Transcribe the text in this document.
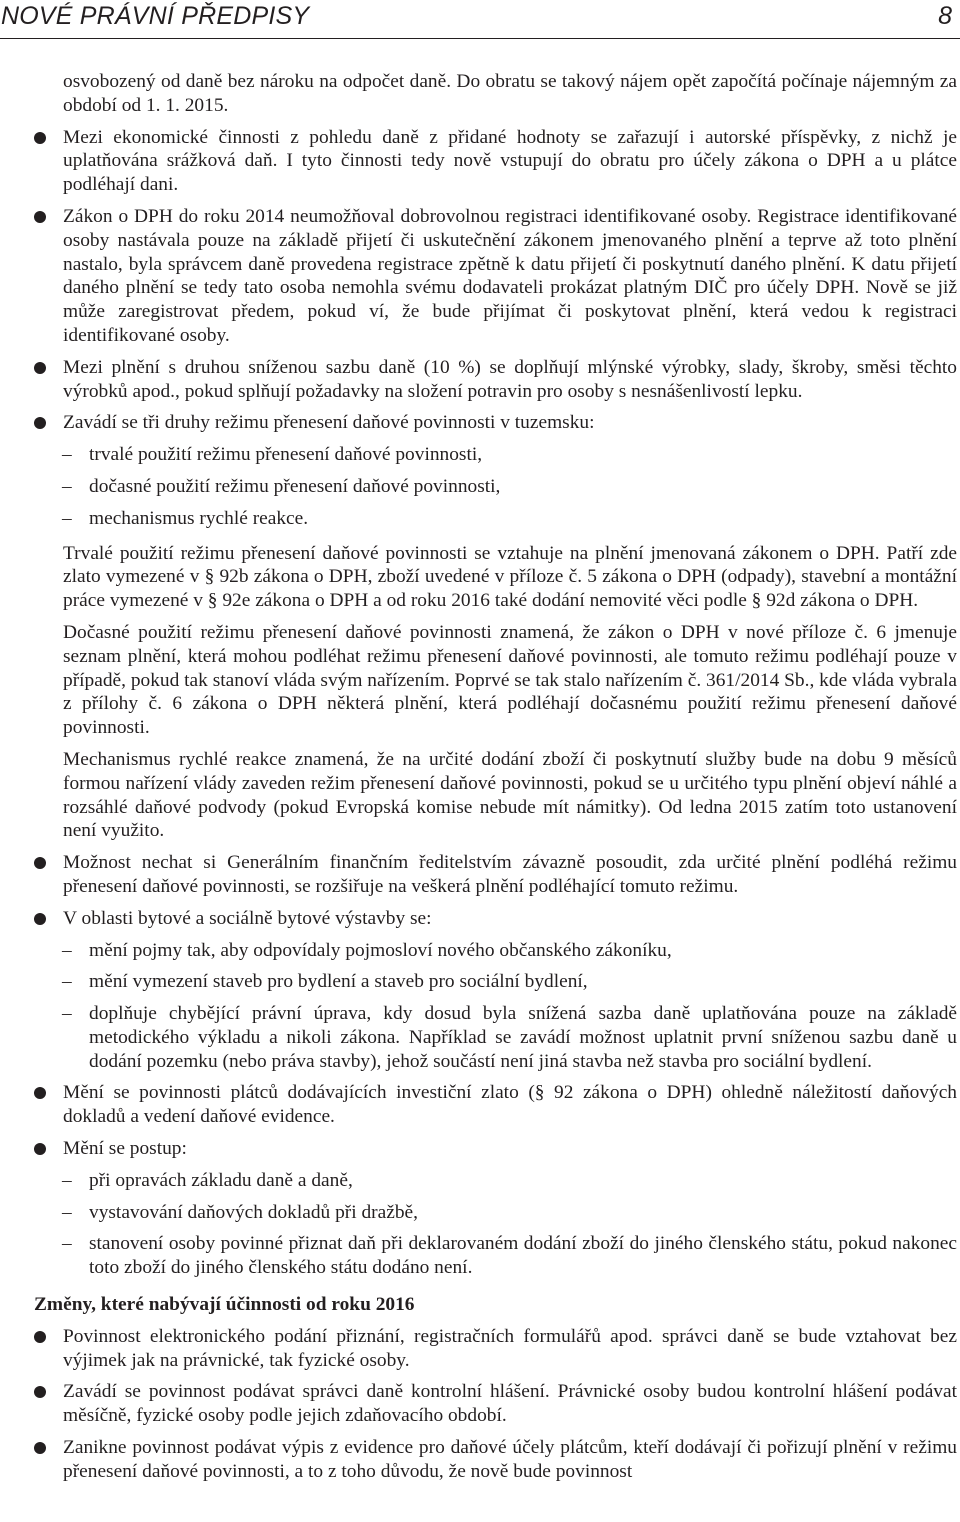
NOVÉ PRÁVNÍ PŘEDPISY	8
osvobozený od daně bez nároku na odpočet daně. Do obratu se takový nájem opět započítá počínaje nájemným za období od 1. 1. 2015.
Mezi ekonomické činnosti z pohledu daně z přidané hodnoty se zařazují i autorské příspěvky, z nichž je uplatňována srážková daň. I tyto činnosti tedy nově vstupují do obratu pro účely zákona o DPH a u plátce podléhají dani.
Zákon o DPH do roku 2014 neumožňoval dobrovolnou registraci identifikované osoby. Registrace identifikované osoby nastávala pouze na základě přijetí či uskutečnění zákonem jmenovaného plnění a teprve až toto plnění nastalo, byla správcem daně provedena registrace zpětně k datu přijetí či poskytnutí daného plnění. K datu přijetí daného plnění se tedy tato osoba nemohla svému dodavateli prokázat platným DIČ pro účely DPH. Nově se již může zaregistrovat předem, pokud ví, že bude přijímat či poskytovat plnění, která vedou k registraci identifikované osoby.
Mezi plnění s druhou sníženou sazbu daně (10 %) se doplňují mlýnské výrobky, slady, škroby, směsi těchto výrobků apod., pokud splňují požadavky na složení potravin pro osoby s nesnášenlivostí lepku.
Zavádí se tři druhy režimu přenesení daňové povinnosti v tuzemsku:
– trvalé použití režimu přenesení daňové povinnosti,
– dočasné použití režimu přenesení daňové povinnosti,
– mechanismus rychlé reakce.
Trvalé použití režimu přenesení daňové povinnosti se vztahuje na plnění jmenovaná zákonem o DPH. Patří zde zlato vymezené v § 92b zákona o DPH, zboží uvedené v příloze č. 5 zákona o DPH (odpady), stavební a montážní práce vymezené v § 92e zákona o DPH a od roku 2016 také dodání nemovité věci podle § 92d zákona o DPH.
Dočasné použití režimu přenesení daňové povinnosti znamená, že zákon o DPH v nové příloze č. 6 jmenuje seznam plnění, která mohou podléhat režimu přenesení daňové povinnosti, ale tomuto režimu podléhají pouze v případě, pokud tak stanoví vláda svým nařízením. Poprvé se tak stalo nařízením č. 361/2014 Sb., kde vláda vybrala z přílohy č. 6 zákona o DPH některá plnění, která podléhají dočasnému použití režimu přenesení daňové povinnosti.
Mechanismus rychlé reakce znamená, že na určité dodání zboží či poskytnutí služby bude na dobu 9 měsíců formou nařízení vlády zaveden režim přenesení daňové povinnosti, pokud se u určitého typu plnění objeví náhlé a rozsáhlé daňové podvody (pokud Evropská komise nebude mít námitky). Od ledna 2015 zatím toto ustanovení není využito.
Možnost nechat si Generálním finančním ředitelstvím závazně posoudit, zda určité plnění podléhá režimu přenesení daňové povinnosti, se rozšiřuje na veškerá plnění podléhající tomuto režimu.
V oblasti bytové a sociálně bytové výstavby se:
– mění pojmy tak, aby odpovídaly pojmosloví nového občanského zákoníku,
– mění vymezení staveb pro bydlení a staveb pro sociální bydlení,
– doplňuje chybějící právní úprava, kdy dosud byla snížená sazba daně uplatňována pouze na základě metodického výkladu a nikoli zákona. Například se zavádí možnost uplatnit první sníženou sazbu daně u dodání pozemku (nebo práva stavby), jehož součástí není jiná stavba než stavba pro sociální bydlení.
Mění se povinnosti plátců dodávajících investiční zlato (§ 92 zákona o DPH) ohledně náležitostí daňových dokladů a vedení daňové evidence.
Mění se postup:
– při opravách základu daně a daně,
– vystavování daňových dokladů při dražbě,
– stanovení osoby povinné přiznat daň při deklarovaném dodání zboží do jiného členského státu, pokud nakonec toto zboží do jiného členského státu dodáno není.
Změny, které nabývají účinnosti od roku 2016
Povinnost elektronického podání přiznání, registračních formulářů apod. správci daně se bude vztahovat bez výjimek jak na právnické, tak fyzické osoby.
Zavádí se povinnost podávat správci daně kontrolní hlášení. Právnické osoby budou kontrolní hlášení podávat měsíčně, fyzické osoby podle jejich zdaňovacího období.
Zanikne povinnost podávat výpis z evidence pro daňové účely plátcům, kteří dodávají či pořizují plnění v režimu přenesení daňové povinnosti, a to z toho důvodu, že nově bude povinnost
